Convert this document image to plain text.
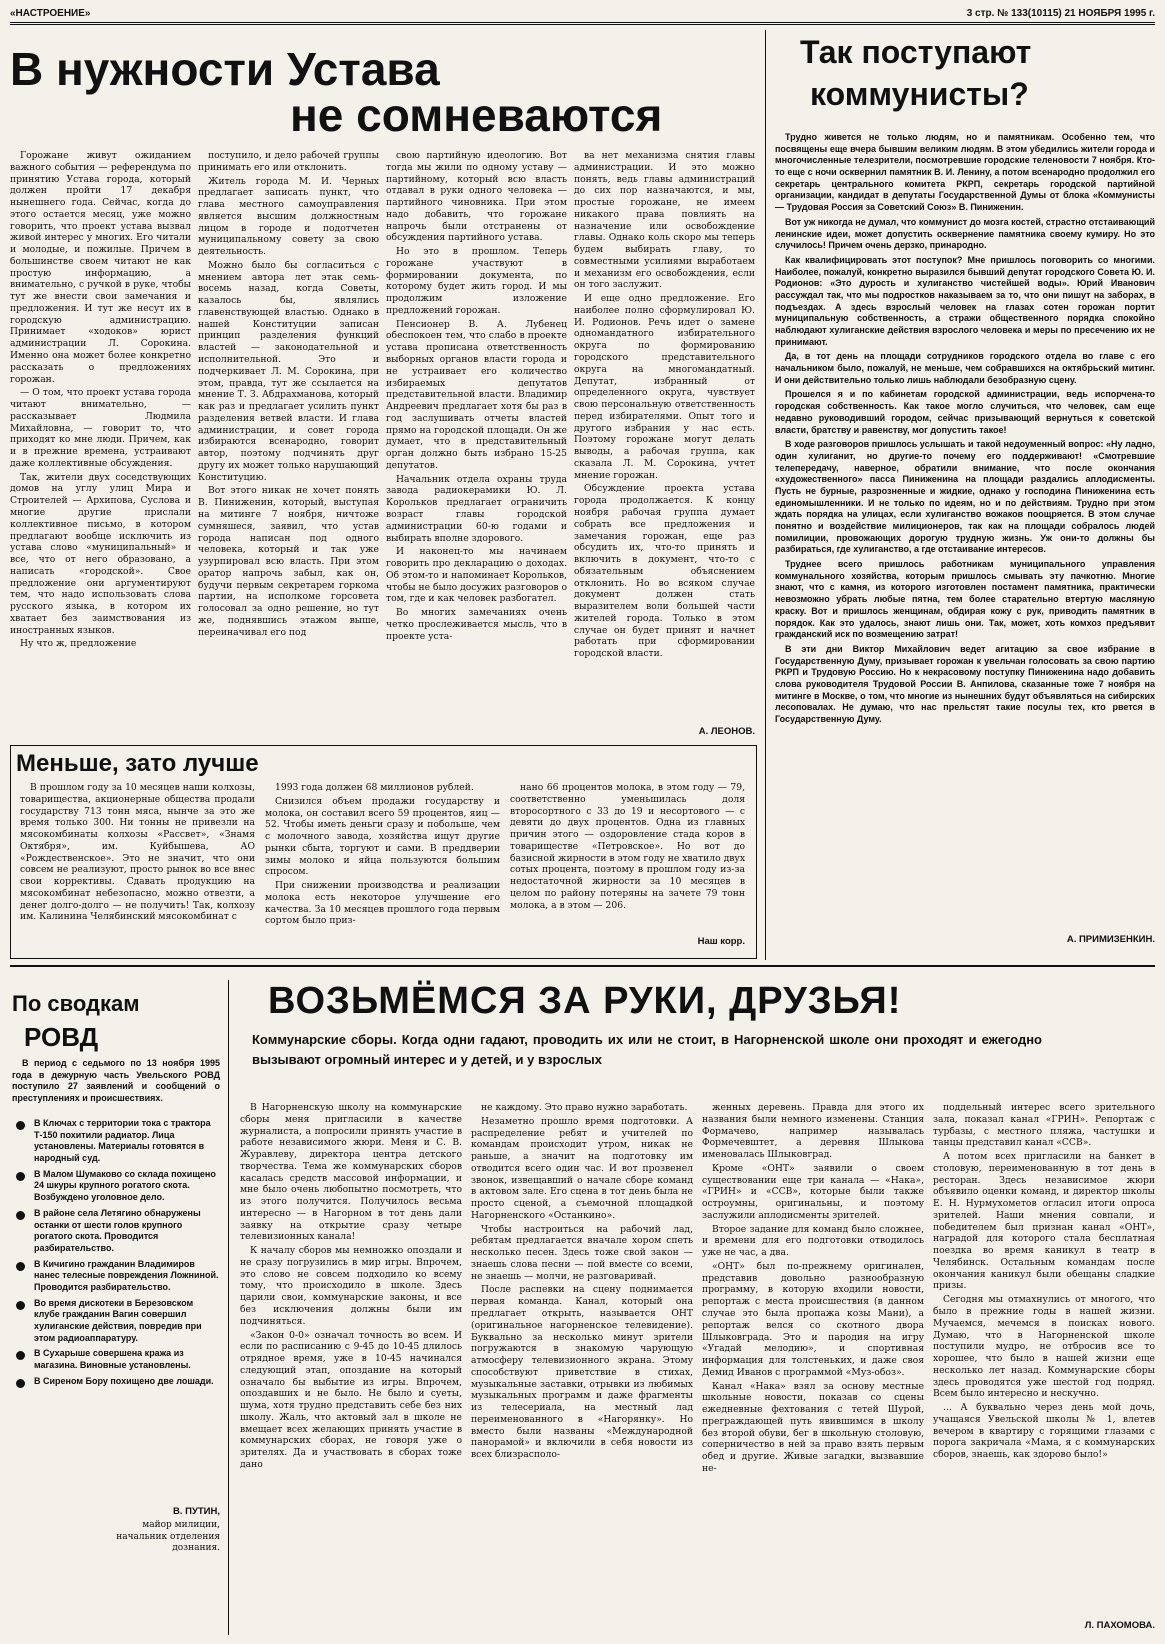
«НАСТРОЕНИЕ»	3 стр. № 133(10115) 21 НОЯБРЯ 1995 г.
В нужности Устава
не сомневаются

Горожане живут ожиданием важного события — референдума по принятию Устава города, который должен пройти 17 декабря нынешнего года. Сейчас, когда до этого остается месяц, уже можно говорить, что проект устава вызвал живой интерес у многих. Его читали и молодые, и пожилые. Причем в большинстве своем читают не как простую информацию, а внимательно, с ручкой в руке, чтобы тут же внести свои замечания и предложения. И тут же несут их в городскую администрацию. Принимает «ходоков» юрист администрации Л. Сорокина. Именно она может более конкретно рассказать о предложениях горожан.

— О том, что проект устава города читают внимательно, — рассказывает Людмила Михайловна, — говорит то, что приходят ко мне люди. Причем, как и в прежние времена, устраивают даже коллективные обсуждения.

Так, жители двух соседствующих домов на углу улиц Мира и Строителей — Архипова, Суслова и многие другие прислали коллективное письмо, в котором предлагают вообще исключить из устава слово «муниципальный» и все, что от него образовано, а написать «городской». Свое предложение они аргументируют тем, что надо использовать слова русского языка, в котором их хватает без заимствования из иностранных языков.

Ну что ж, предложение

поступило, и дело рабочей группы принимать его или отклонить.

Житель города М. И. Черных предлагает записать пункт, что глава местного самоуправления является высшим должностным лицом в городе и подотчетен муниципальному совету за свою деятельность.

Можно было бы согласиться с мнением автора лет этак семь-восемь назад, когда Советы, казалось бы, являлись главенствующей властью. Однако в нашей Конституции записан принцип разделения функций властей — законодательной и исполнительной. Это и подчеркивает Л. М. Сорокина, при этом, правда, тут же ссылается на мнение Т. З. Абдрахманова, который как раз и предлагает усилить пункт разделения ветвей власти. И глава администрации, и совет города избираются всенародно, говорит автор, поэтому подчинять друг другу их может только нарушающий Конституцию.

Вот этого никак не хочет понять В. Пиниженин, который, выступая на митинге 7 ноября, ничтоже сумняшеся, заявил, что устав города написан под одного человека, который и так уже узурпировал всю власть. При этом оратор напрочь забыл, как он, будучи первым секретарем горкома партии, на исполкоме горсовета голосовал за одно решение, но тут же, поднявшись этажом выше, переиначивал его под

свою партийную идеологию. Вот тогда мы жили по одному уставу — партийному, который всю власть отдавал в руки одного человека — партийного чиновника. При этом надо добавить, что горожане напрочь были отстранены от обсуждения партийного устава.

Но это в прошлом. Теперь горожане участвуют в формировании документа, по которому будет жить город. И мы продолжим изложение предложений горожан.

Пенсионер В. А. Лубенец обеспокоен тем, что слабо в проекте устава прописана ответственность выборных органов власти города и не устраивает его количество избираемых депутатов представительной власти. Владимир Андреевич предлагает хотя бы раз в год заслушивать отчеты властей прямо на городской площади. Он же думает, что в представительный орган должно быть избрано 15-25 депутатов.

Начальник отдела охраны труда завода радиокерамики Ю. Л. Корольков предлагает ограничить возраст главы городской администрации 60-ю годами и выбирать вполне здорового.

И наконец-то мы начинаем говорить про декларацию о доходах. Об этом-то и напоминает Корольков, чтобы не было досужих разговоров о том, где и как человек разбогател.

Во многих замечаниях очень четко прослеживается мысль, что в проекте уста-

ва нет механизма снятия главы администрации. И это можно понять, ведь главы администраций до сих пор назначаются, и мы, простые горожане, не имеем никакого права повлиять на назначение или освобождение главы. Однако коль скоро мы теперь будем выбирать главу, то совместными усилиями выработаем и механизм его освобождения, если он того заслужит.

И еще одно предложение. Его наиболее полно сформулировал Ю. И. Родионов. Речь идет о замене одномандатного избирательного округа по формированию городского представительного округа на многомандатный. Депутат, избранный от определенного округа, чувствует свою персональную ответственность перед избирателями. Опыт того и другого избрания у нас есть. Поэтому горожане могут делать выводы, а рабочая группа, как сказала Л. М. Сорокина, учтет мнение горожан.

Обсуждение проекта устава города продолжается. К концу ноября рабочая группа думает собрать все предложения и замечания горожан, еще раз обсудить их, что-то принять и включить в документ, что-то с обязательным объяснением отклонить. Но во всяком случае документ должен стать выразителем воли большей части жителей города. Только в этом случае он будет принят и начнет работать при сформировании городской власти.

А. ЛЕОНОВ.
Так поступают
коммунисты?

Трудно живется не только людям, но и памятникам. Особенно тем, что посвящены еще вчера бывшим великим людям. В этом убедились жители города и многочисленные телезрители, посмотревшие городские теленовости 7 ноября. Кто-то еще с ночи осквернил памятник В. И. Ленину, а потом всенародно продолжил его секретарь центрального комитета РКРП, секретарь городской партийной организации, кандидат в депутаты Государственной Думы от блока «Коммунисты — Трудовая Россия за Советский Союз» В. Пиниженин.

Вот уж никогда не думал, что коммунист до мозга костей, страстно отстаивающий ленинские идеи, может допустить осквернение памятника своему кумиру. Но это случилось! Причем очень дерзко, принародно.

Как квалифицировать этот поступок? Мне пришлось поговорить со многими. Наиболее, пожалуй, конкретно выразился бывший депутат городского Совета Ю. И. Родионов: «Это дурость и хулиганство чистейшей воды». Юрий Иванович рассуждал так, что мы подростков наказываем за то, что они пишут на заборах, в подъездах. А здесь взрослый человек на глазах сотен горожан портит муниципальную собственность, а стражи общественного порядка спокойно наблюдают хулиганские действия взрослого человека и меры по пресечению их не принимают.

Да, в тот день на площади сотрудников городского отдела во главе с его начальником было, пожалуй, не меньше, чем собравшихся на октябрьский митинг. И они действительно только лишь наблюдали безобразную сцену.

Прошелся я и по кабинетам городской администрации, ведь испорчена-то городская собственность. Как такое могло случиться, что человек, сам еще недавно руководивший городом, сейчас призывающий вернуться к советской власти, братству и равенству, мог допустить такое!

В ходе разговоров пришлось услышать и такой недоуменный вопрос: «Ну ладно, один хулиганит, но другие-то почему его поддерживают! «Смотревшие телепередачу, наверное, обратили внимание, что после окончания «художественного» пасса Пиниженина на площади раздались аплодисменты. Пусть не бурные, разрозненные и жидкие, однако у господина Пиниженина есть единомышленники. И не только по идеям, но и по действиям. Трудно при этом ждать порядка на улицах, если хулиганство вожаков поощряется. В этом случае понятно и воздействие милиционеров, так как на площади собралось людей помилиции, провожающих дорогую трудную жизнь. Уж они-то должны бы разбираться, где хулиганство, а где отстаивание интересов.

Труднее всего пришлось работникам муниципального управления коммунального хозяйства, которым пришлось смывать эту пачкотню. Многие знают, что с камня, из которого изготовлен постамент памятника, практически невозможно убрать любые пятна, тем более старательно втертую масляную краску. Вот и пришлось женщинам, обдирая кожу с рук, приводить памятник в порядок. Как это удалось, знают лишь они. Так, может, хоть комхоз предъявит гражданский иск по возмещению затрат!

В эти дни Виктор Михайлович ведет агитацию за свое избрание в Государственную Думу, призывает горожан к увельчан голосовать за свою партию РКРП и Трудовую Россию. Но к некрасовому поступку Пиниженина надо добавить слова руководителя Трудовой России В. Анпилова, сказанные тоже 7 ноября на митинге в Москве, о том, что многие из нынешних будут объявляться на сибирских лесоповалах. Не думаю, что нас прельстят такие посулы тех, кто рвется в Государственную Думу.

А. ПРИМИЗЕНКИН.
Меньше, зато лучше

В прошлом году за 10 месяцев наши колхозы, товарищества, акционерные общества продали государству 713 тонн мяса, нынче за это же время только 300. Ни тонны не привезли на мясокомбинаты колхозы «Рассвет», «Знамя Октября», им. Куйбышева, АО «Рождественское». Это не значит, что они совсем не реализуют, просто рынок во все внес свои коррективы. Сдавать продукцию на мясокомбинат небезопасно, можно отвезти, а денег долго-долго — не получить! Так, колхозу им. Калинина Челябинский мясокомбинат с

1993 года должен 68 миллионов рублей.

Снизился объем продажи государству и молока, он составил всего 59 процентов, яиц — 52. Чтобы иметь деньги сразу и побольше, чем с молочного завода, хозяйства ищут другие рынки сбыта, торгуют и сами. В преддверии зимы молоко и яйца пользуются большим спросом.

При снижении производства и реализации молока есть некоторое улучшение его качества. За 10 месяцев прошлого года первым сортом было приз-

нано 66 процентов молока, в этом году — 79, соответственно уменьшилась доля второсортного с 33 до 19 и несортового — с девяти до двух процентов. Одна из главных причин этого — оздоровление стада коров в товариществе «Петровское». Но вот до базисной жирности в этом году не хватило двух сотых процента, поэтому в прошлом году из-за недостаточной жирности за 10 месяцев в целом по району потеряны на зачете 79 тонн молока, а в этом — 206.

Наш корр.
По сводкам
РОВД

В период с седьмого по 13 ноября 1995 года в дежурную часть Увельского РОВД поступило 27 заявлений и сообщений о преступлениях и происшествиях.

В Ключах с территории тока с трактора Т-150 похитили радиатор. Лица установлены. Материалы готовятся в народный суд.
В Малом Шумаково со склада похищено 24 шкуры крупного рогатого скота. Возбуждено уголовное дело.
В районе села Летягино обнаружены останки от шести голов крупного рогатого скота. Проводится разбирательство.
В Кичигино гражданин Владимиров нанес телесные повреждения Ложниной. Проводится разбирательство.
Во время дискотеки в Березовском клубе гражданин Вагин совершил хулиганские действия, повредив при этом радиоаппаратуру.
В Сухарыше совершена кража из магазина. Виновные установлены.
В Сиреном Бору похищено две лошади.
В. ПУТИН,
майор милиции, начальник отделения дознания.
ВОЗЬМЁМСЯ ЗА РУКИ, ДРУЗЬЯ!
Коммунарские сборы. Когда одни гадают, проводить их или не стоит, в Нагорненской школе они проходят и ежегодно вызывают огромный интерес и у детей, и у взрослых

В Нагорненскую школу на коммунарские сборы меня пригласили в качестве журналиста, а попросили принять участие в работе независимого жюри. Меня и С. В. Журавлеву, директора центра детского творчества. Тема же коммунарских сборов касалась средств массовой информации, и мне было очень любопытно посмотреть, что из этого получится. Получилось весьма интересно — в Нагорном в тот день дали заявку на открытие сразу четыре телевизионных канала!

К началу сборов мы немножко опоздали и не сразу погрузились в мир игры. Впрочем, это слово не совсем подходило ко всему тому, что происходило в школе. Здесь царили свои, коммунарские законы, и все без исключения должны были им подчиняться.

«Закон 0-0» означал точность во всем. И если по расписанию с 9-45 до 10-45 длилось отрядное время, уже в 10-45 начинался следующий этап, опоздание на который означало бы выбытие из игры. Впрочем, опоздавших и не было. Не было и суеты, шума, хотя трудно представить себе без них школу. Жаль, что актовый зал в школе не вмещает всех желающих принять участие в коммунарских сборах, не говоря уже о зрителях. Да и участвовать в сборах тоже дано

не каждому. Это право нужно заработать.

Незаметно прошло время подготовки. А распределение ребят и учителей по командам происходит утром, никак не раньше, а значит на подготовку им отводится всего один час. И вот прозвенел звонок, извещавший о начале сборе команд в актовом зале. Его сцена в тот день была не просто сценой, а съемочной площадкой Нагорненского «Останкино».

Чтобы настроиться на рабочий лад, ребятам предлагается вначале хором спеть несколько песен. Здесь тоже свой закон — знаешь слова песни — пой вместе со всеми, не знаешь — молчи, не разговаривай.

После распевки на сцену поднимается первая команда. Канал, который она предлагает открыть, называется ОНТ (оригинальное нагорненское телевидение). Буквально за несколько минут зрители погружаются в знакомую чарующую атмосферу телевизионного экрана. Этому способствуют приветствие в стихах, музыкальные заставки, отрывки из любимых музыкальных программ и даже фрагменты из телесериала, на местный лад переименованного в «Нагорянку». Но вместо были названы «Международной панорамой» и включили в себя новости из всех близрасполо-

женных деревень. Правда для этого их названия были немного изменены. Станция Формачево, например называлась Формечевштет, а деревня Шлыкова именовалась Шлыковград.

Кроме «ОНТ» заявили о своем существовании еще три канала — «Нака», «ГРИН» и «ССВ», которые были также остроумны, оригинальны, и поэтому заслужили аплодисменты зрителей.

Второе задание для команд было сложнее, и времени для его подготовки отводилось уже не час, а два.

«ОНТ» был по-прежнему оригинален, представив довольно разнообразную программу, в которую входили новости, репортаж с места происшествия (в данном случае это была пропажа козы Мани), а репортаж велся со скотного двора Шлыковграда. Это и пародия на игру «Угадай мелодию», и спортивная информация для толстеньких, и даже своя Демид Иванов с программой «Муз-обоз».

Канал «Нака» взял за основу местные школьные новости, показав со сцены ежедневные фехтования с тетей Шурой, преграждающей путь явившимся в школу без второй обуви, бег в школьную столовую, соперничество в ней за право взять первым обед и другие. Живые загадки, вызвавшие не-

поддельный интерес всего зрительного зала, показал канал «ГРИН». Репортаж с турбазы, с местного пляжа, частушки и танцы представил канал «ССВ».

А потом всех пригласили на банкет в столовую, переименованную в тот день в ресторан. Здесь независимое жюри объявило оценки команд, и директор школы Е. Н. Нурмухометов огласил итоги опроса зрителей. Наши мнения совпали, и победителем был признан канал «ОНТ», наградой для которого стала бесплатная поездка во время каникул в театр в Челябинск. Остальным командам после окончания каникул были обещаны сладкие призы.

Сегодня мы отмахнулись от многого, что было в прежние годы в нашей жизни. Мучаемся, мечемся в поисках нового. Думаю, что в Нагорненской школе поступили мудро, не отбросив все то хорошее, что было в нашей жизни еще несколько лет назад. Коммунарские сборы здесь проводятся уже шестой год подряд. Всем было интересно и нескучно.

... А буквально через день мой дочь, учащаяся Увельской школы № 1, влетев вечером в квартиру с горящими глазами с порога закричала «Мама, я с коммунарских сборов, знаешь, как здорово было!»

Л. ПАХОМОВА.
